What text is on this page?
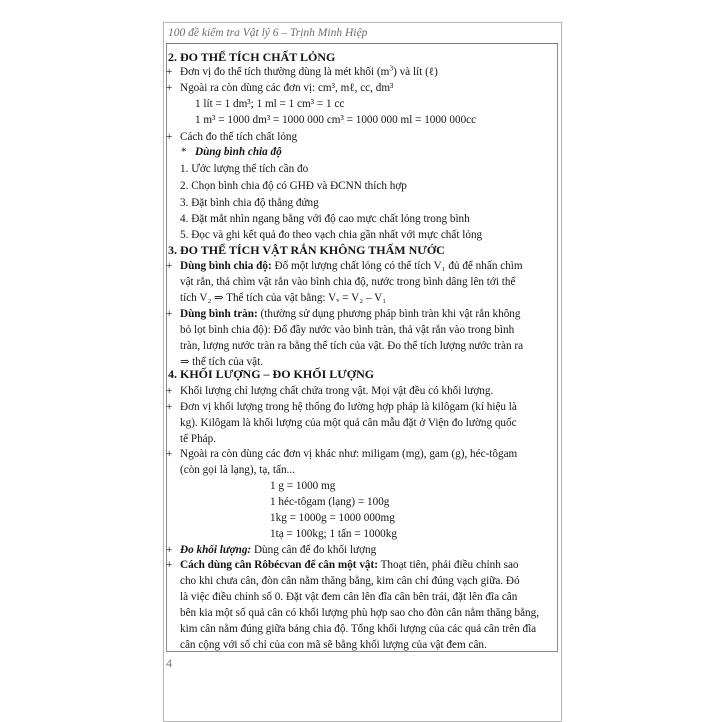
100 đề kiểm tra Vật lý 6 – Trịnh Minh Hiệp
4
2. ĐO THỂ TÍCH CHẤT LỎNG
+ Đơn vị đo thể tích thường dùng là mét khối $(m^3)$ và lít (ℓ)
+ Ngoài ra còn dùng các đơn vị: cm³, mℓ, cc, dm³
1 lít = 1 dm³; 1 ml = 1 cm³ = 1 cc
1 m³ = 1000 dm³ = 1000 000 cm³ = 1000 000 ml = 1000 000cc
+ Cách đo thể tích chất lỏng
* Dùng bình chia độ
1. Ước lượng thể tích cần đo
2. Chọn bình chia độ có GHĐ và ĐCNN thích hợp
3. Đặt bình chia độ thẳng đứng
4. Đặt mắt nhìn ngang bằng với độ cao mực chất lỏng trong bình
5. Đọc và ghi kết quả đo theo vạch chia gần nhất với mực chất lỏng
3. ĐO THỂ TÍCH VẬT RẮN KHÔNG THẤM NƯỚC
+ Dùng bình chia độ: Đổ một lượng chất lỏng có thể tích V₁ đủ để nhấn chìm
vật rắn, thả chìm vật rắn vào bình chia độ, nước trong bình dâng lên tới thể
tích V₂ ⇒ Thể tích của vật bằng: Vᵥ = V₂ – V₁
+ Dùng bình tràn: (thường sử dụng phương pháp bình tràn khi vật rắn không
bỏ lọt bình chia độ): Đổ đầy nước vào bình tràn, thả vật rắn vào trong bình
tràn, lượng nước tràn ra bằng thể tích của vật. Đo thể tích lượng nước tràn ra
⇒ thể tích của vật.
4. KHỐI LƯỢNG – ĐO KHỐI LƯỢNG
+ Khối lượng chỉ lượng chất chứa trong vật. Mọi vật đều có khối lượng.
+ Đơn vị khối lượng trong hệ thống đo lường hợp pháp là kilôgam (kí hiệu là
kg). Kilôgam là khối lượng của một quả cân mẫu đặt ở Viện đo lường quốc
tế Pháp.
+ Ngoài ra còn dùng các đơn vị khác như: miligam (mg), gam (g), héc-tôgam
(còn gọi là lạng), tạ, tấn...
1 g = 1000 mg
1 héc-tôgam (lạng) = 100g
1kg = 1000g = 1000 000mg
1tạ = 100kg; 1 tấn = 1000kg
+ Đo khối lượng: Dùng cân để đo khối lượng
+ Cách dùng cân Rôbécvan để cân một vật: Thoạt tiên, phải điều chỉnh sao
cho khi chưa cân, đòn cân nằm thăng bằng, kim cân chỉ đúng vạch giữa. Đó
là việc điều chỉnh số 0. Đặt vật đem cân lên đĩa cân bên trái, đặt lên đĩa cân
bên kia một số quả cân có khối lượng phù hợp sao cho đòn cân nằm thăng bằng,
kim cân nằm đúng giữa bảng chia độ. Tổng khối lượng của các quả cân trên đĩa
cân cộng với số chỉ của con mã sẽ bằng khối lượng của vật đem cân.
